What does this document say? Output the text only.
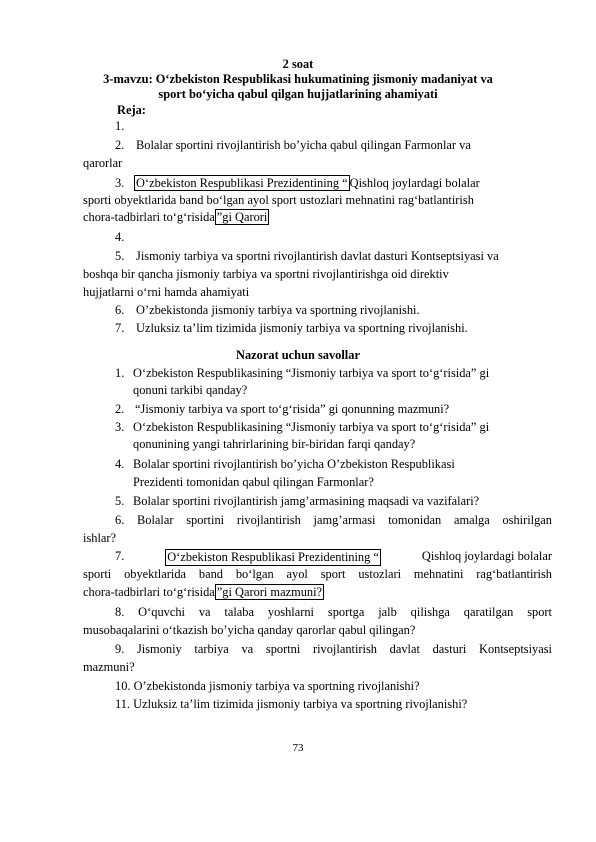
2 soat
3-mavzu: O‘zbekiston Respublikasi hukumatining jismoniy madaniyat va
sport bo‘yicha qabul qilgan hujjatlarining ahamiyati
Reja:
1.
2. Bolalar sportini rivojlantirish bo’yicha qabul qilingan Farmonlar va
qarorlar
3. O‘zbekiston Respublikasi Prezidentining “ Qishloq joylardagi bolalar
sporti obyektlarida band bo‘lgan ayol sport ustozlari mehnatini rag‘batlantirish
chora-tadbirlari to‘g‘risida ”gi Qarori
4.
5. Jismoniy tarbiya va sportni rivojlantirish davlat dasturi Kontseptsiyasi va
boshqa bir qancha jismoniy tarbiya va sportni rivojlantirishga oid direktiv
hujjatlarni o‘rni hamda ahamiyati
6. O’zbekistonda jismoniy tarbiya va sportning rivojlanishi.
7. Uzluksiz ta’lim tizimida jismoniy tarbiya va sportning rivojlanishi.
Nazorat uchun savollar
1. O‘zbekiston Respublikasining “Jismoniy tarbiya va sport to‘g‘risida” gi
qonuni tarkibi qanday?
2. “Jismoniy tarbiya va sport to‘g‘risida” gi qonunning mazmuni?
3. O‘zbekiston Respublikasining “Jismoniy tarbiya va sport to‘g‘risida” gi
qonunining yangi tahrirlarining bir-biridan farqi qanday?
4. Bolalar sportini rivojlantirish bo’yicha O’zbekiston Respublikasi
Prezidenti tomonidan qabul qilingan Farmonlar?
5. Bolalar sportini rivojlantirish jamg’armasining maqsadi va vazifalari?
6. Bolalar sportini rivojlantirish jamg’armasi tomonidan amalga oshirilgan
ishlar?
7.	O‘zbekiston Respublikasi Prezidentining “	Qishloq joylardagi bolalar
sporti obyektlarida band bo‘lgan ayol sport ustozlari mehnatini rag‘batlantirish
chora-tadbirlari to‘g‘risida ”gi Qarori mazmuni?
8. O‘quvchi va talaba yoshlarni sportga jalb qilishga qaratilgan sport
musobaqalarini o‘tkazish bo’yicha qanday qarorlar qabul qilingan?
9. Jismoniy tarbiya va sportni rivojlantirish davlat dasturi Kontseptsiyasi
mazmuni?
10. O’zbekistonda jismoniy tarbiya va sportning rivojlanishi?
11. Uzluksiz ta’lim tizimida jismoniy tarbiya va sportning rivojlanishi?
73
